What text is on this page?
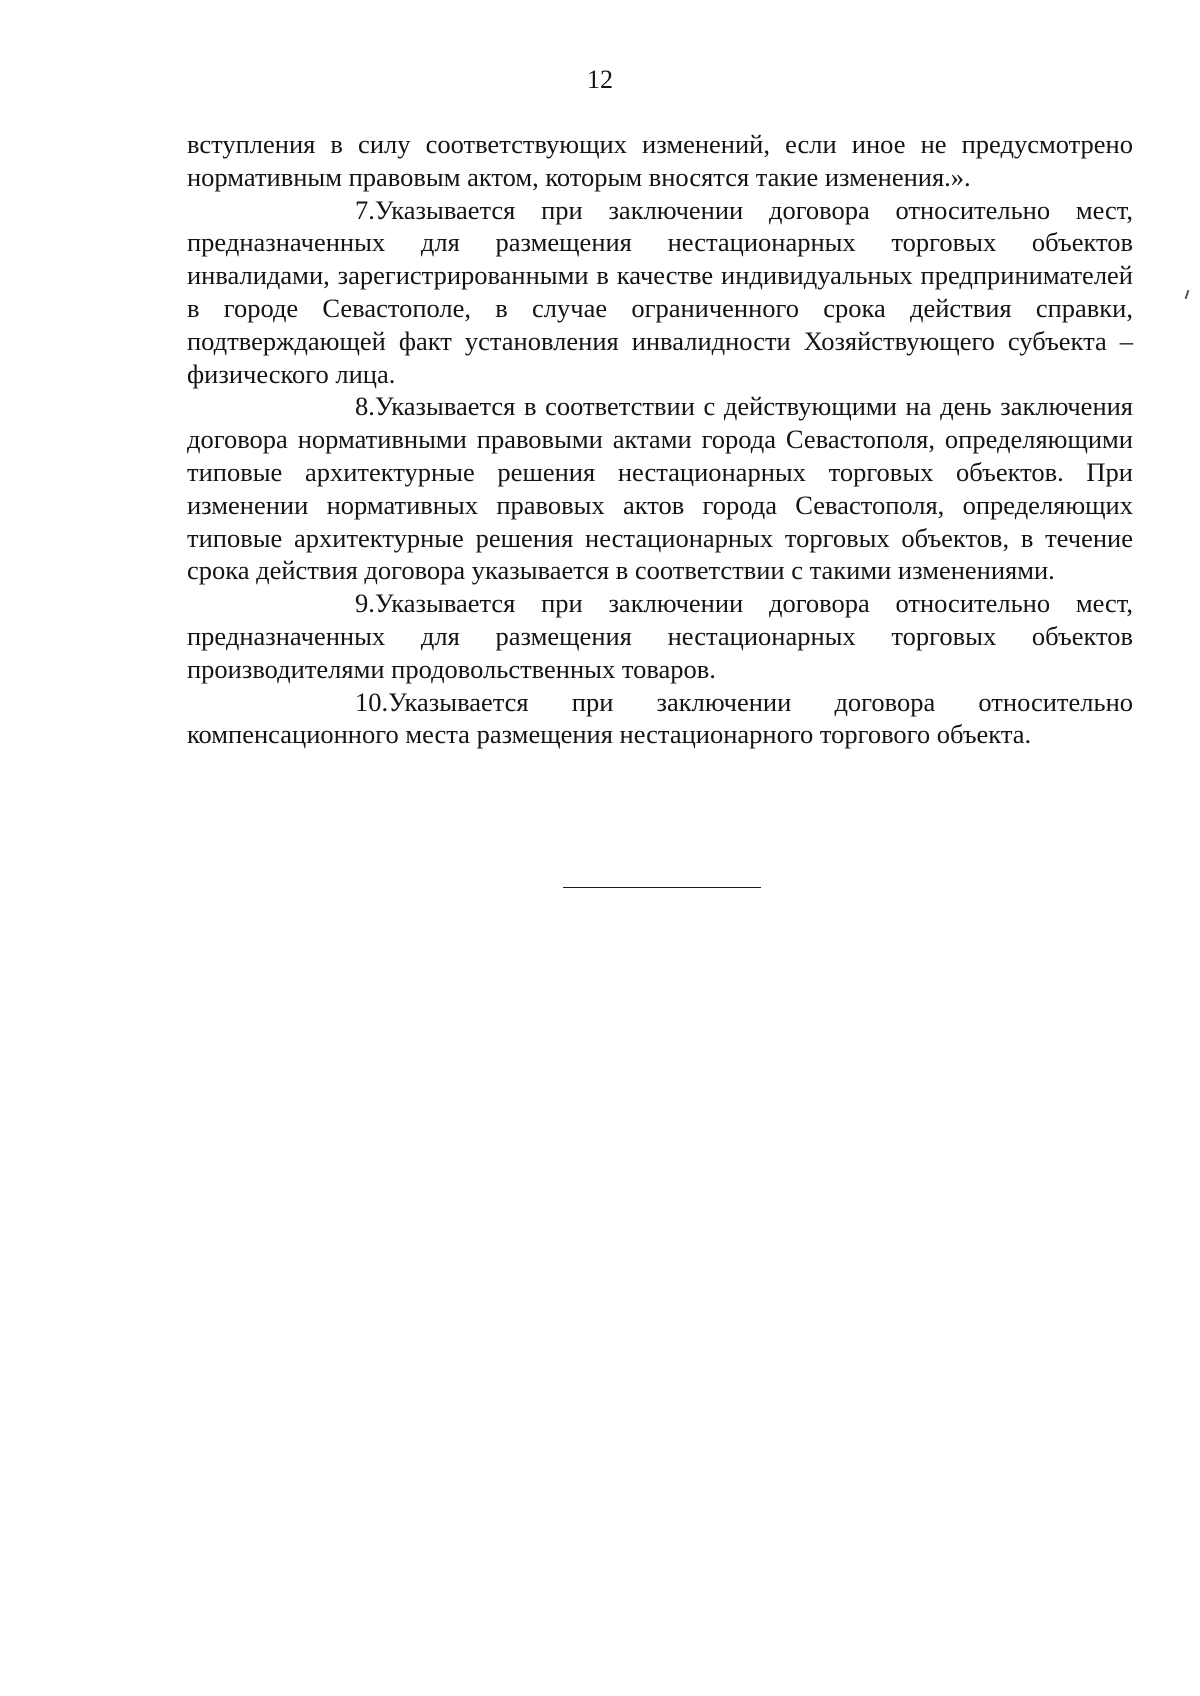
12

вступления в силу соответствующих изменений, если иное не предусмотрено нормативным правовым актом, которым вносятся такие изменения.».

7.Указывается при заключении договора относительно мест, предназначенных для размещения нестационарных торговых объектов инвалидами, зарегистрированными в качестве индивидуальных предпринимателей в городе Севастополе, в случае ограниченного срока действия справки, подтверждающей факт установления инвалидности Хозяйствующего субъекта – физического лица.

8.Указывается в соответствии с действующими на день заключения договора нормативными правовыми актами города Севастополя, определяющими типовые архитектурные решения нестационарных торговых объектов. При изменении нормативных правовых актов города Севастополя, определяющих типовые архитектурные решения нестационарных торговых объектов, в течение срока действия договора указывается в соответствии с такими изменениями.

9.Указывается при заключении договора относительно мест, предназначенных для размещения нестационарных торговых объектов производителями продовольственных товаров.

10.Указывается при заключении договора относительно компенсационного места размещения нестационарного торгового объекта.
